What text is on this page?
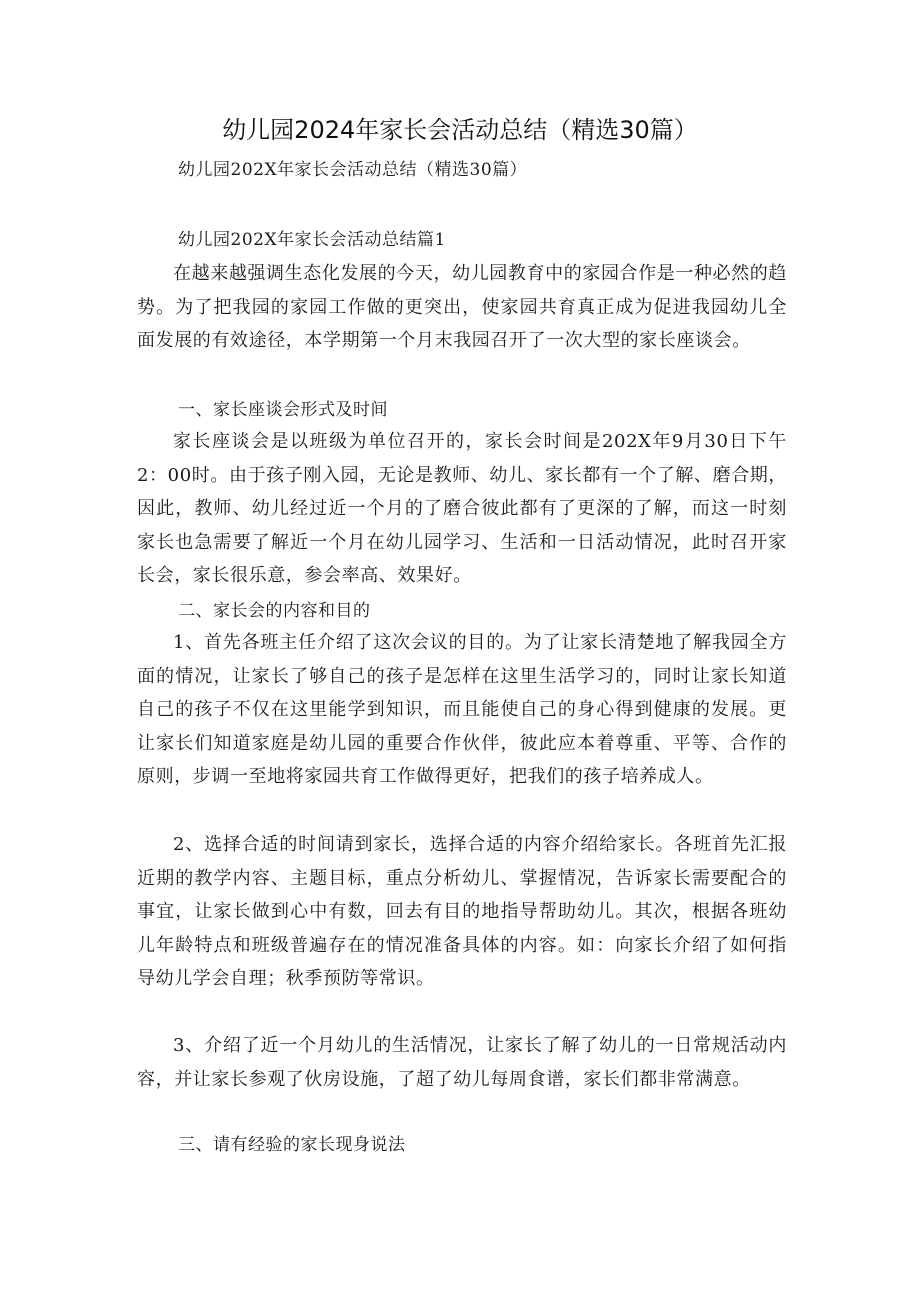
幼儿园2024年家长会活动总结（精选30篇）
幼儿园202X年家长会活动总结（精选30篇）
幼儿园202X年家长会活动总结篇1

在越来越强调生态化发展的今天，幼儿园教育中的家园合作是一种必然的趋势。为了把我园的家园工作做的更突出，使家园共育真正成为促进我园幼儿全面发展的有效途径，本学期第一个月末我园召开了一次大型的家长座谈会。

一、家长座谈会形式及时间

家长座谈会是以班级为单位召开的，家长会时间是202X年9月30日下午2：00时。由于孩子刚入园，无论是教师、幼儿、家长都有一个了解、磨合期，因此，教师、幼儿经过近一个月的了磨合彼此都有了更深的了解，而这一时刻家长也急需要了解近一个月在幼儿园学习、生活和一日活动情况，此时召开家长会，家长很乐意，参会率高、效果好。

二、家长会的内容和目的

1、首先各班主任介绍了这次会议的目的。为了让家长清楚地了解我园全方面的情况，让家长了够自己的孩子是怎样在这里生活学习的，同时让家长知道自己的孩子不仅在这里能学到知识，而且能使自己的身心得到健康的发展。更让家长们知道家庭是幼儿园的重要合作伙伴，彼此应本着尊重、平等、合作的原则，步调一至地将家园共育工作做得更好，把我们的孩子培养成人。

2、选择合适的时间请到家长，选择合适的内容介绍给家长。各班首先汇报近期的教学内容、主题目标，重点分析幼儿、掌握情况，告诉家长需要配合的事宜，让家长做到心中有数，回去有目的地指导帮助幼儿。其次，根据各班幼儿年龄特点和班级普遍存在的情况准备具体的内容。如：向家长介绍了如何指导幼儿学会自理；秋季预防等常识。

3、介绍了近一个月幼儿的生活情况，让家长了解了幼儿的一日常规活动内容，并让家长参观了伙房设施，了超了幼儿每周食谱，家长们都非常满意。

三、请有经验的家长现身说法
